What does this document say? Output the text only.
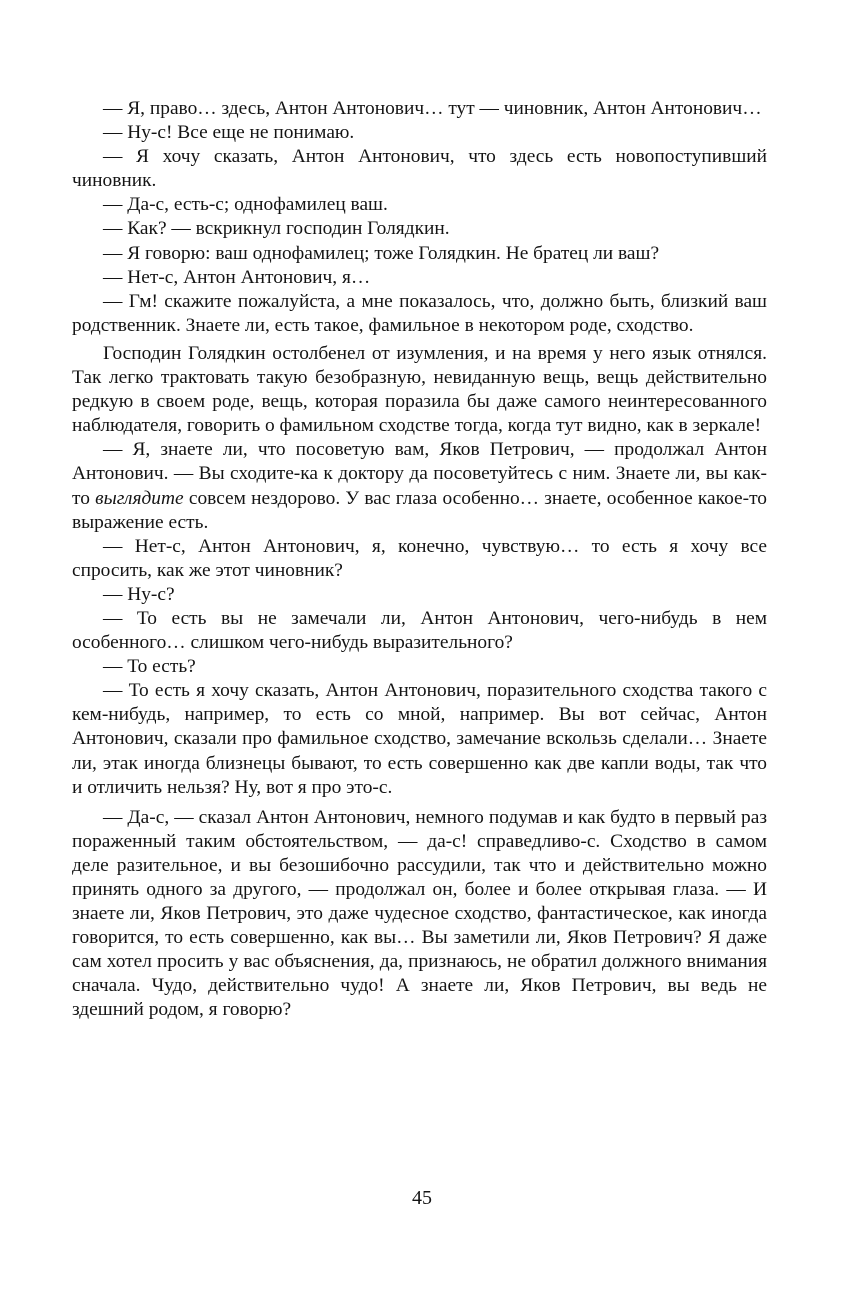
— Я, право… здесь, Антон Антонович… тут — чиновник, Антон Антонович…

— Ну-с! Все еще не понимаю.

— Я хочу сказать, Антон Антонович, что здесь есть новопоступивший чиновник.

— Да-с, есть-с; однофамилец ваш.

— Как? — вскрикнул господин Голядкин.

— Я говорю: ваш однофамилец; тоже Голядкин. Не братец ли ваш?

— Нет-с, Антон Антонович, я…

— Гм! скажите пожалуйста, а мне показалось, что, должно быть, близкий ваш родственник. Знаете ли, есть такое, фамильное в некотором роде, сходство.

Господин Голядкин остолбенел от изумления, и на время у него язык отнялся. Так легко трактовать такую безобразную, невиданную вещь, вещь действительно редкую в своем роде, вещь, которая поразила бы даже самого неинтересованного наблюдателя, говорить о фамильном сходстве тогда, когда тут видно, как в зеркале!

— Я, знаете ли, что посоветую вам, Яков Петрович, — продолжал Антон Антонович. — Вы сходите-ка к доктору да посоветуйтесь с ним. Знаете ли, вы как-то выглядите совсем нездорово. У вас глаза особенно… знаете, особенное какое-то выражение есть.

— Нет-с, Антон Антонович, я, конечно, чувствую… то есть я хочу все спросить, как же этот чиновник?

— Ну-с?

— То есть вы не замечали ли, Антон Антонович, чего-нибудь в нем особенного… слишком чего-нибудь выразительного?

— То есть?

— То есть я хочу сказать, Антон Антонович, поразительного сходства такого с кем-нибудь, например, то есть со мной, например. Вы вот сейчас, Антон Антонович, сказали про фамильное сходство, замечание вскользь сделали… Знаете ли, этак иногда близнецы бывают, то есть совершенно как две капли воды, так что и отличить нельзя? Ну, вот я про это-с.

— Да-с, — сказал Антон Антонович, немного подумав и как будто в первый раз пораженный таким обстоятельством, — да-с! справедливо-с. Сходство в самом деле разительное, и вы безошибочно рассудили, так что и действительно можно принять одного за другого, — продолжал он, более и более открывая глаза. — И знаете ли, Яков Петрович, это даже чудесное сходство, фантастическое, как иногда говорится, то есть совершенно, как вы… Вы заметили ли, Яков Петрович? Я даже сам хотел просить у вас объяснения, да, признаюсь, не обратил должного внимания сначала. Чудо, действительно чудо! А знаете ли, Яков Петрович, вы ведь не здешний родом, я говорю?

45
